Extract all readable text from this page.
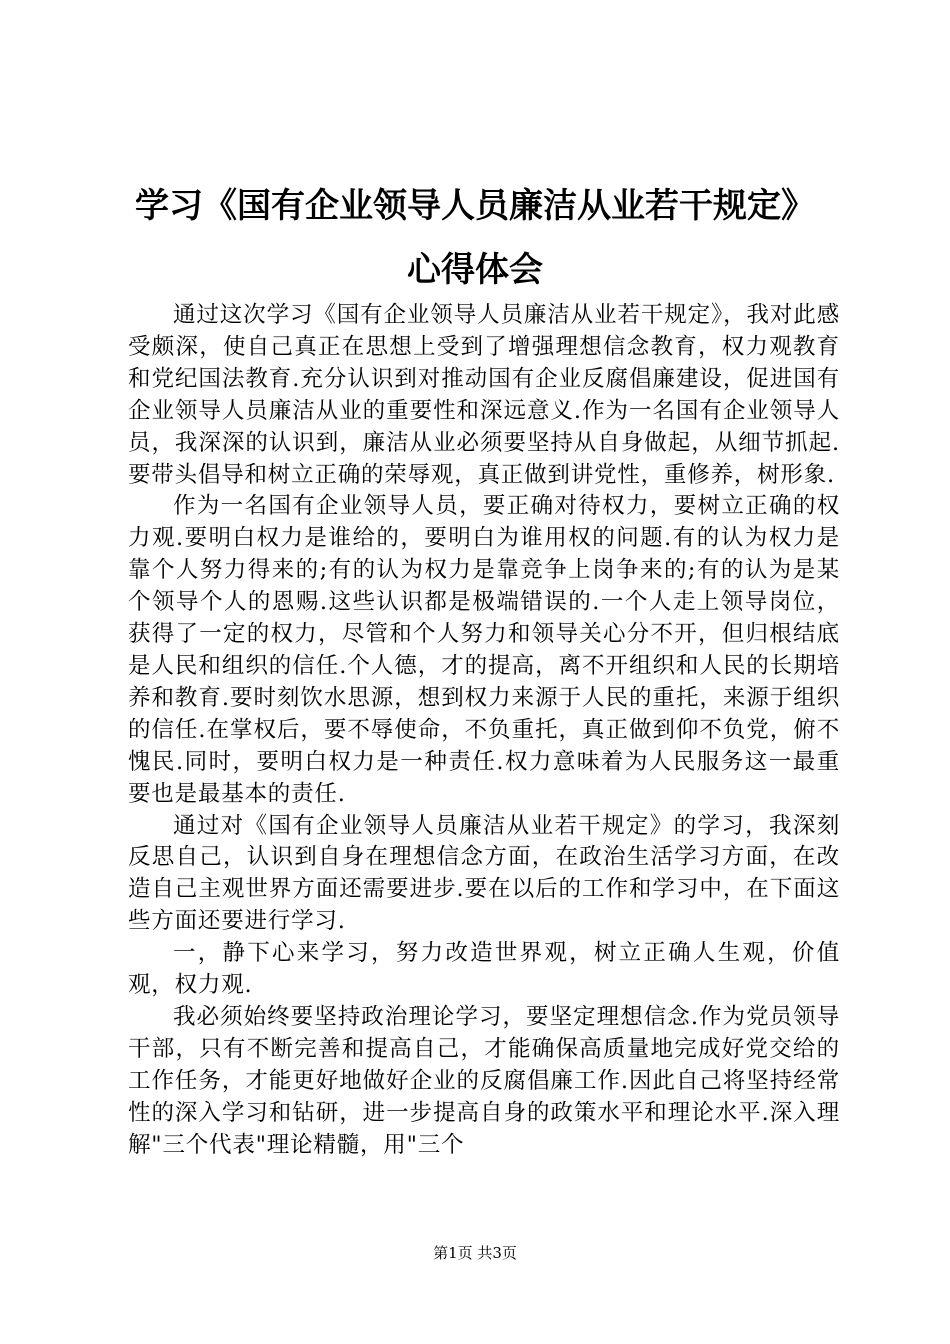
学习《国有企业领导人员廉洁从业若干规定》
心得体会

通过这次学习《国有企业领导人员廉洁从业若干规定》，我对此感受颇深，使自己真正在思想上受到了增强理想信念教育，权力观教育和党纪国法教育.充分认识到对推动国有企业反腐倡廉建设，促进国有企业领导人员廉洁从业的重要性和深远意义.作为一名国有企业领导人员，我深深的认识到，廉洁从业必须要坚持从自身做起，从细节抓起.要带头倡导和树立正确的荣辱观，真正做到讲党性，重修养，树形象.

作为一名国有企业领导人员，要正确对待权力，要树立正确的权力观.要明白权力是谁给的，要明白为谁用权的问题.有的认为权力是靠个人努力得来的;有的认为权力是靠竞争上岗争来的;有的认为是某个领导个人的恩赐.这些认识都是极端错误的.一个人走上领导岗位，获得了一定的权力，尽管和个人努力和领导关心分不开，但归根结底是人民和组织的信任.个人德，才的提高，离不开组织和人民的长期培养和教育.要时刻饮水思源，想到权力来源于人民的重托，来源于组织的信任.在掌权后，要不辱使命，不负重托，真正做到仰不负党，俯不愧民.同时，要明白权力是一种责任.权力意味着为人民服务这一最重要也是最基本的责任.

通过对《国有企业领导人员廉洁从业若干规定》的学习，我深刻反思自己，认识到自身在理想信念方面，在政治生活学习方面，在改造自己主观世界方面还需要进步.要在以后的工作和学习中，在下面这些方面还要进行学习.

一，静下心来学习，努力改造世界观，树立正确人生观，价值观，权力观.

我必须始终要坚持政治理论学习，要坚定理想信念.作为党员领导干部，只有不断完善和提高自己，才能确保高质量地完成好党交给的工作任务，才能更好地做好企业的反腐倡廉工作.因此自己将坚持经常性的深入学习和钻研，进一步提高自身的政策水平和理论水平.深入理解"三个代表"理论精髓，用"三个

第1页 共3页
